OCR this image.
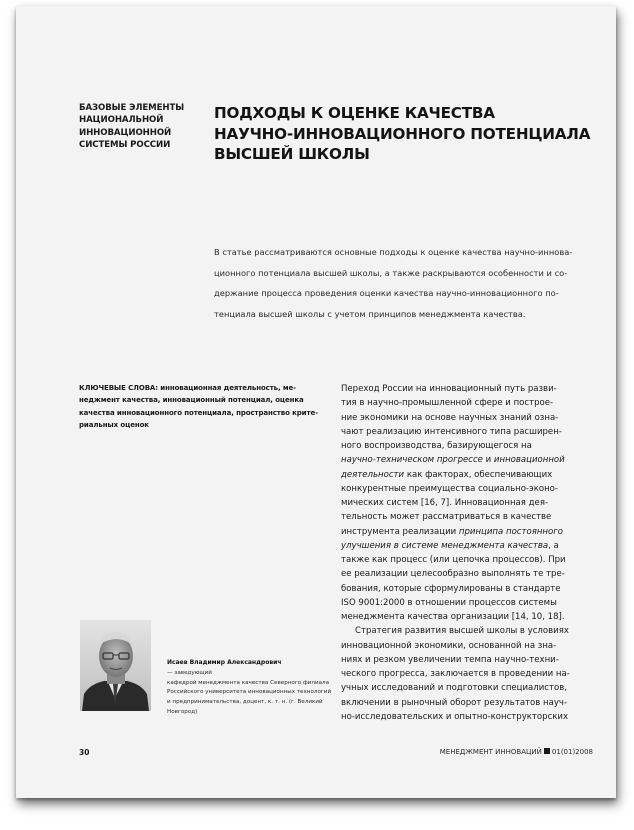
БАЗОВЫЕ ЭЛЕМЕНТЫ
НАЦИОНАЛЬНОЙ
ИННОВАЦИОННОЙ
СИСТЕМЫ РОССИИ
ПОДХОДЫ К ОЦЕНКЕ КАЧЕСТВА
НАУЧНО-ИННОВАЦИОННОГО ПОТЕНЦИАЛА
ВЫСШЕЙ ШКОЛЫ
В статье рассматриваются основные подходы к оценке качества научно-иннова-
ционного потенциала высшей школы, а также раскрываются особенности и со-
держание процесса проведения оценки качества научно-инновационного по-
тенциала высшей школы с учетом принципов менеджмента качества.
КЛЮЧЕВЫЕ СЛОВА: инновационная деятельность, ме-
неджмент качества, инновационный потенциал, оценка
качества инновационного потенциала, пространство крите-
риальных оценок
Переход России на инновационный путь разви-
тия в научно-промышленной сфере и построе-
ние экономики на основе научных знаний озна-
чают реализацию интенсивного типа расширен-
ного воспроизводства, базирующегося на
научно-техническом прогрессе и инновационной
деятельности как факторах, обеспечивающих
конкурентные преимущества социально-эконо-
мических систем [16, 7]. Инновационная дея-
тельность может рассматриваться в качестве
инструмента реализации принципа постоянного
улучшения в системе менеджмента качества, а
также как процесс (или цепочка процессов). При
ее реализации целесообразно выполнять те тре-
бования, которые сформулированы в стандарте
ISO 9001:2000 в отношении процессов системы
менеджмента качества организации [14, 10, 18].
Стратегия развития высшей школы в условиях
инновационной экономики, основанной на зна-
ниях и резком увеличении темпа научно-техни-
ческого прогресса, заключается в проведении на-
учных исследований и подготовки специалистов,
включении в рыночный оборот результатов науч-
но-исследовательских и опытно-конструкторских
Исаев Владимир Александрович
— заведующий
кафедрой менеджмента качества Северного филиала
Российского университета инновационных технологий
и предпринимательства, доцент, к. т. н. (г. Великий
Новгород)
30	МЕНЕДЖМЕНТ ИННОВАЦИЙ 01(01)2008
